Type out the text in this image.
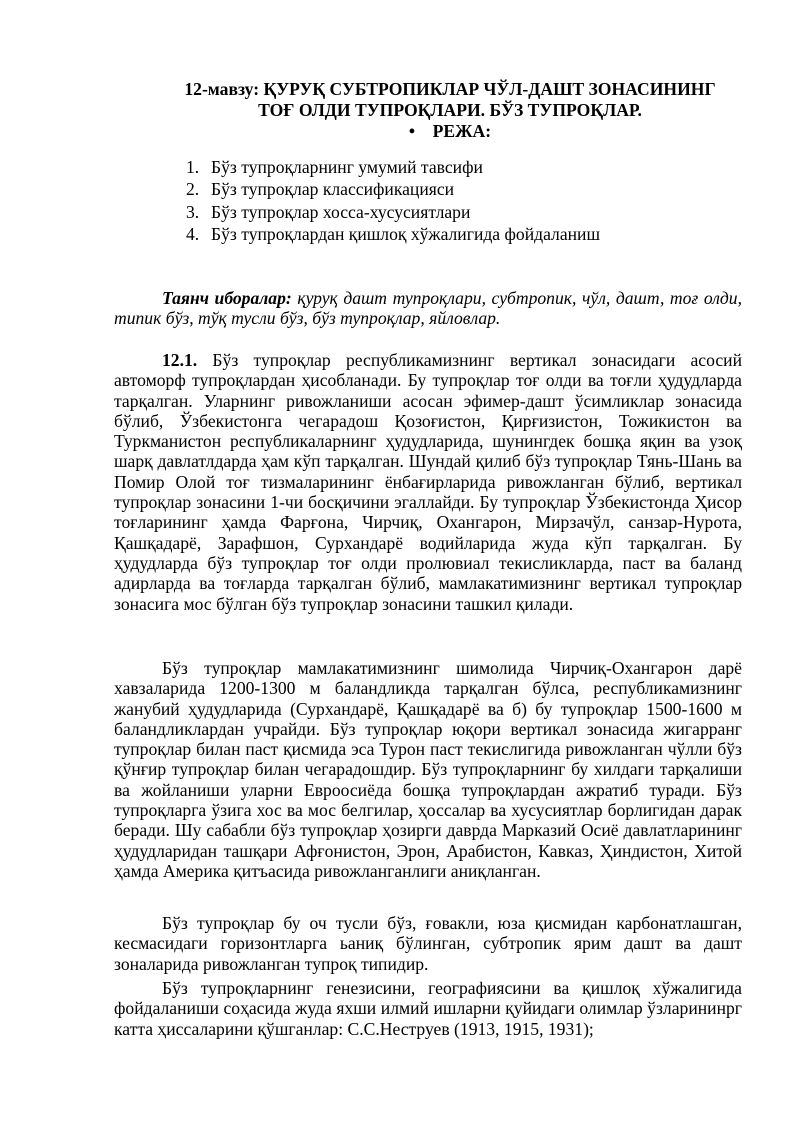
12-мавзу: ҚУРУҚ СУБТРОПИКЛАР ЧЎЛ-ДАШТ ЗОНАСИНИНГ
ТОҒ ОЛДИ ТУПРОҚЛАРИ. БЎЗ ТУПРОҚЛАР.
•    РЕЖА:
1. Бўз тупроқларнинг умумий тавсифи
2. Бўз тупроқлар классификацияси
3. Бўз тупроқлар хосса-хусусиятлари
4. Бўз тупроқлардан қишлоқ хўжалигида фойдаланиш

Таянч иборалар: қуруқ дашт тупроқлари, субтропик, чўл, дашт, тоғ олди, типик бўз, тўқ тусли бўз, бўз тупроқлар, яйловлар.

12.1. Бўз тупроқлар республикамизнинг вертикал зонасидаги асосий автоморф тупроқлардан ҳисобланади. Бу тупроқлар тоғ олди ва тоғли ҳудудларда тарқалган. Уларнинг ривожланиши асосан эфимер-дашт ўсимликлар зонасида бўлиб, Ўзбекистонга чегарадош Қозоғистон, Қирғизистон, Тожикистон ва Туркманистон республикаларнинг ҳудудларида, шунингдек бошқа яқин ва узоқ шарқ давлатлдарда ҳам кўп тарқалган. Шундай қилиб бўз тупроқлар Тянь-Шань ва Помир Олой тоғ тизмаларининг ёнбағирларида ривожланган бўлиб, вертикал тупроқлар зонасини 1-чи босқичини эгаллайди. Бу тупроқлар Ўзбекистонда Ҳисор тоғларининг ҳамда Фарғона, Чирчиқ, Охангарон, Мирзачўл, санзар-Нурота, Қашқадарё, Зарафшон, Сурхандарё водийларида жуда кўп тарқалган. Бу ҳудудларда бўз тупроқлар тоғ олди пролювиал текисликларда, паст ва баланд адирларда ва тоғларда тарқалган бўлиб, мамлакатимизнинг вертикал тупроқлар зонасига мос бўлган бўз тупроқлар зонасини ташкил қилади.

Бўз тупроқлар мамлакатимизнинг шимолида Чирчиқ-Охангарон дарё хавзаларида 1200-1300 м баландликда тарқалган бўлса, республикамизнинг жанубий ҳудудларида (Сурхандарё, Қашқадарё ва б) бу тупроқлар 1500-1600 м баландликлардан учрайди. Бўз тупроқлар юқори вертикал зонасида жигарранг тупроқлар билан паст қисмида эса Турон паст текислигида ривожланган чўлли бўз қўнғир тупроқлар билан чегарадошдир. Бўз тупроқларнинг бу хилдаги тарқалиши ва жойланиши уларни Евроосиёда бошқа тупроқлардан ажратиб туради. Бўз тупроқларга ўзига хос ва мос белгилар, ҳоссалар ва хусусиятлар борлигидан дарак беради. Шу сабабли бўз тупроқлар ҳозирги даврда Марказий Осиё давлатларининг ҳудудларидан ташқари Афғонистон, Эрон, Арабистон, Кавказ, Ҳиндистон, Хитой ҳамда Америка қитъасида ривожланганлиги аниқланган.

Бўз тупроқлар бу оч тусли бўз, ғовакли, юза қисмидан карбонатлашган, кесмасидаги горизонтларга ьаниқ бўлинган, субтропик ярим дашт ва дашт зоналарида ривожланган тупроқ типидир.

Бўз тупроқларнинг генезисини, географиясини ва қишлоқ хўжалигида фойдаланиши соҳасида жуда яхши илмий ишларни қуйидаги олимлар ўзларининрг катта ҳиссаларини қўшганлар: С.С.Неструев (1913, 1915, 1931);
